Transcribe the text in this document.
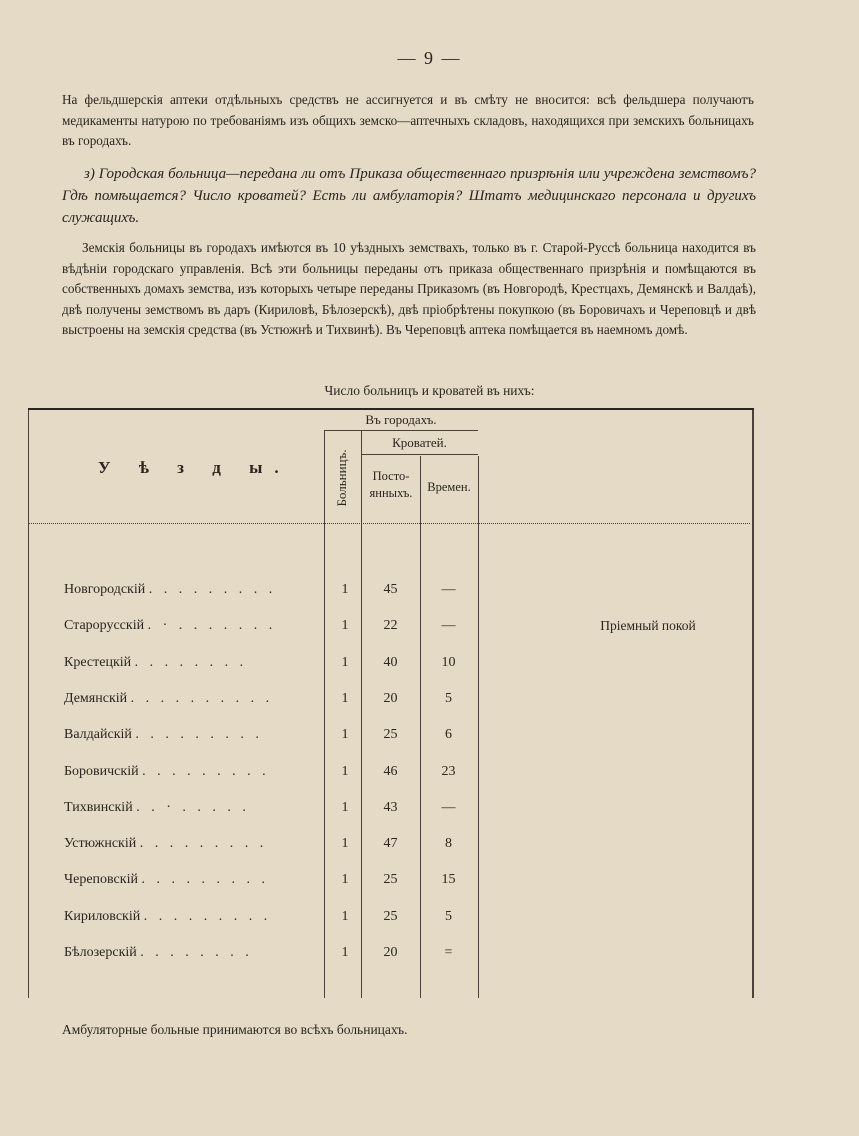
— 9 —
На фельдшерскія аптеки отдѣльныхъ средствъ не ассигнуется и въ смѣту не вносится: всѣ фельдшера получаютъ медикаменты натурою по требованіямъ изъ общихъ земско—аптечныхъ складовъ, находящихся при земскихъ больницахъ въ городахъ.
з) Городская больница—передана ли отъ Приказа общественнаго призрѣнія или учреждена земствомъ? Гдѣ помѣщается? Число кроватей? Есть ли амбулаторія? Штатъ медицинскаго персонала и другихъ служащихъ.
Земскія больницы въ городахъ имѣются въ 10 уѣздныхъ земствахъ, только въ г. Старой-Руссѣ больница находится въ вѣдѣніи городскаго управленія. Всѣ эти больницы переданы отъ приказа общественнаго призрѣнія и помѣщаются въ собственныхъ домахъ земства, изъ которыхъ четыре переданы Приказомъ (въ Новгородѣ, Крестцахъ, Демянскѣ и Валдаѣ), двѣ получены земствомъ въ даръ (Кириловѣ, Бѣлозерскѣ), двѣ пріобрѣтены покупкою (въ Боровичахъ и Череповцѣ и двѣ выстроены на земскія средства (въ Устюжнѣ и Тихвинѣ). Въ Череповцѣ аптека помѣщается въ наемномъ домѣ.
Число больницъ и кроватей въ нихъ:
Въ городахъ.
Кроватей.
Посто-янныхъ.	Времен.
Больницъ.
У ѣ з д ы.
Новгородскій . . . . . . . . .	1	45	—
Старорусскій . · . . . . . . .	1	22	—	Пріемный покой
Крестецкій . . . . . . . .	1	40	10
Демянскій . . . . . . . . . .	1	20	5
Валдайскій . . . . . . . . .	1	25	6
Боровичскій . . . . . . . . .	1	46	23
Тихвинскій . . · . . . . .	1	43	—
Устюжнскій . . . . . . . . .	1	47	8
Череповскій . . . . . . . . .	1	25	15
Кириловскій . . . . . . . . .	1	25	5
Бѣлозерскій . . . . . . . .	1	20	=
Амбуляторные больные принимаются во всѣхъ больницахъ.
